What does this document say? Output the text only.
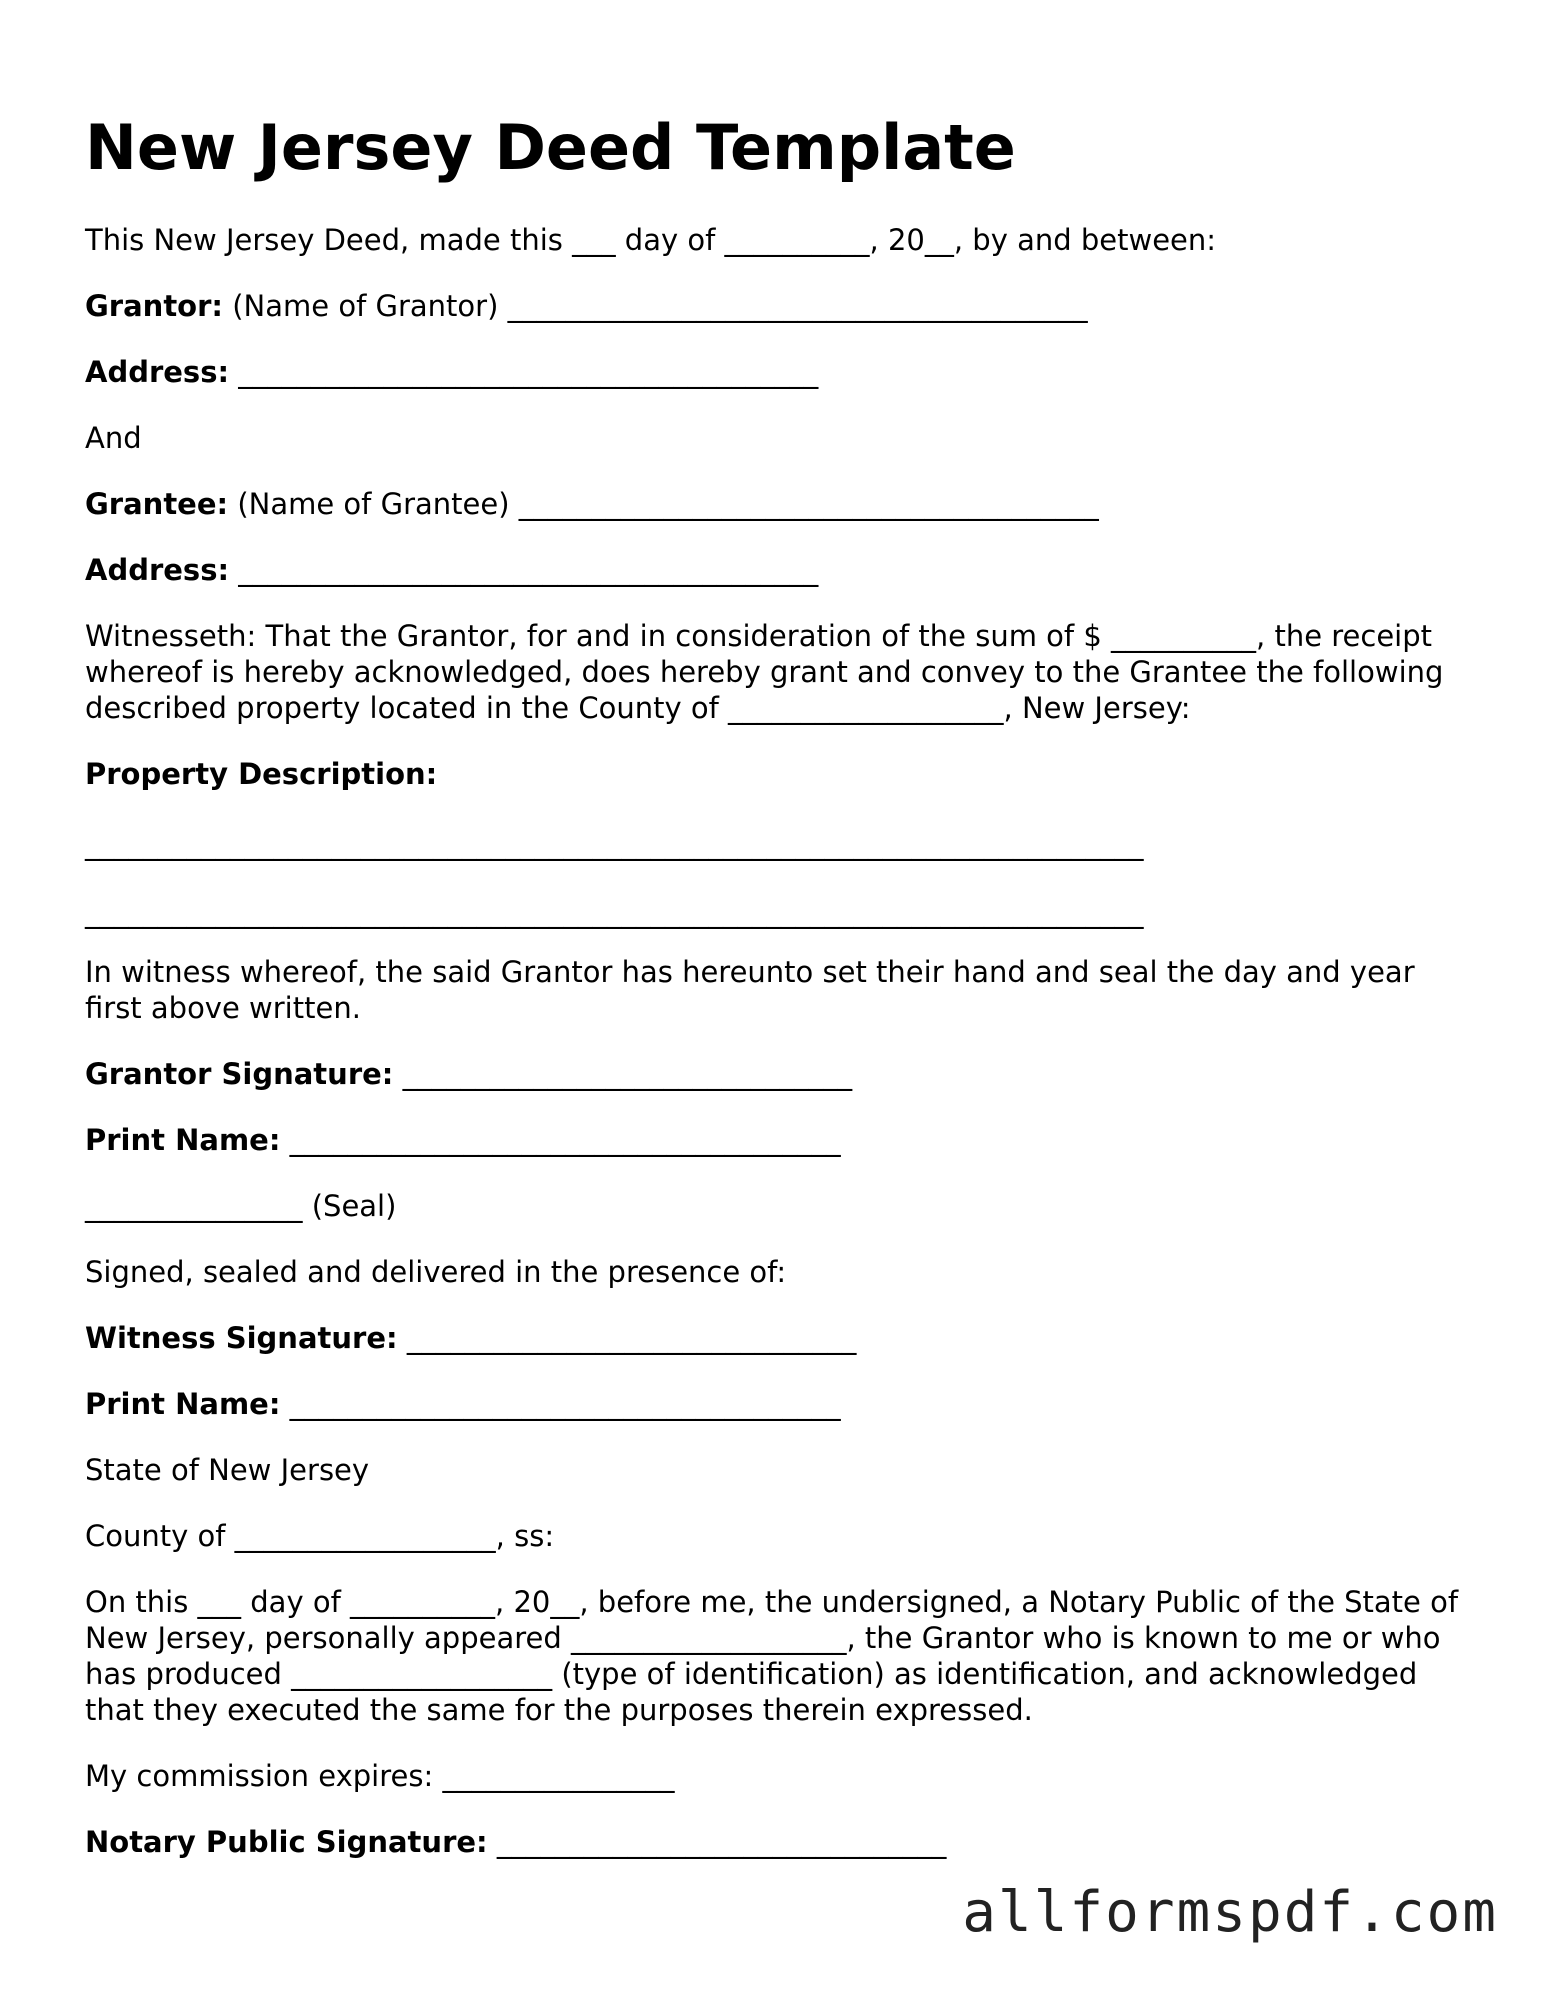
New Jersey Deed Template

This New Jersey Deed, made this ___ day of __________, 20__, by and between:

Grantor: (Name of Grantor) ________________________________________

Address: ________________________________________

And

Grantee: (Name of Grantee) ________________________________________

Address: ________________________________________

Witnesseth: That the Grantor, for and in consideration of the sum of $ __________, the receipt whereof is hereby acknowledged, does hereby grant and convey to the Grantee the following described property located in the County of ___________________, New Jersey:

Property Description:

_________________________________________________________________________

_________________________________________________________________________

In witness whereof, the said Grantor has hereunto set their hand and seal the day and year first above written.

Grantor Signature: _______________________________

Print Name: ______________________________________

_______________ (Seal)

Signed, sealed and delivered in the presence of:

Witness Signature: _______________________________

Print Name: ______________________________________

State of New Jersey

County of __________________, ss:

On this ___ day of __________, 20__, before me, the undersigned, a Notary Public of the State of New Jersey, personally appeared ___________________, the Grantor who is known to me or who has produced __________________ (type of identification) as identification, and acknowledged that they executed the same for the purposes therein expressed.

My commission expires: ________________

Notary Public Signature: _______________________________

allformspdf.com
